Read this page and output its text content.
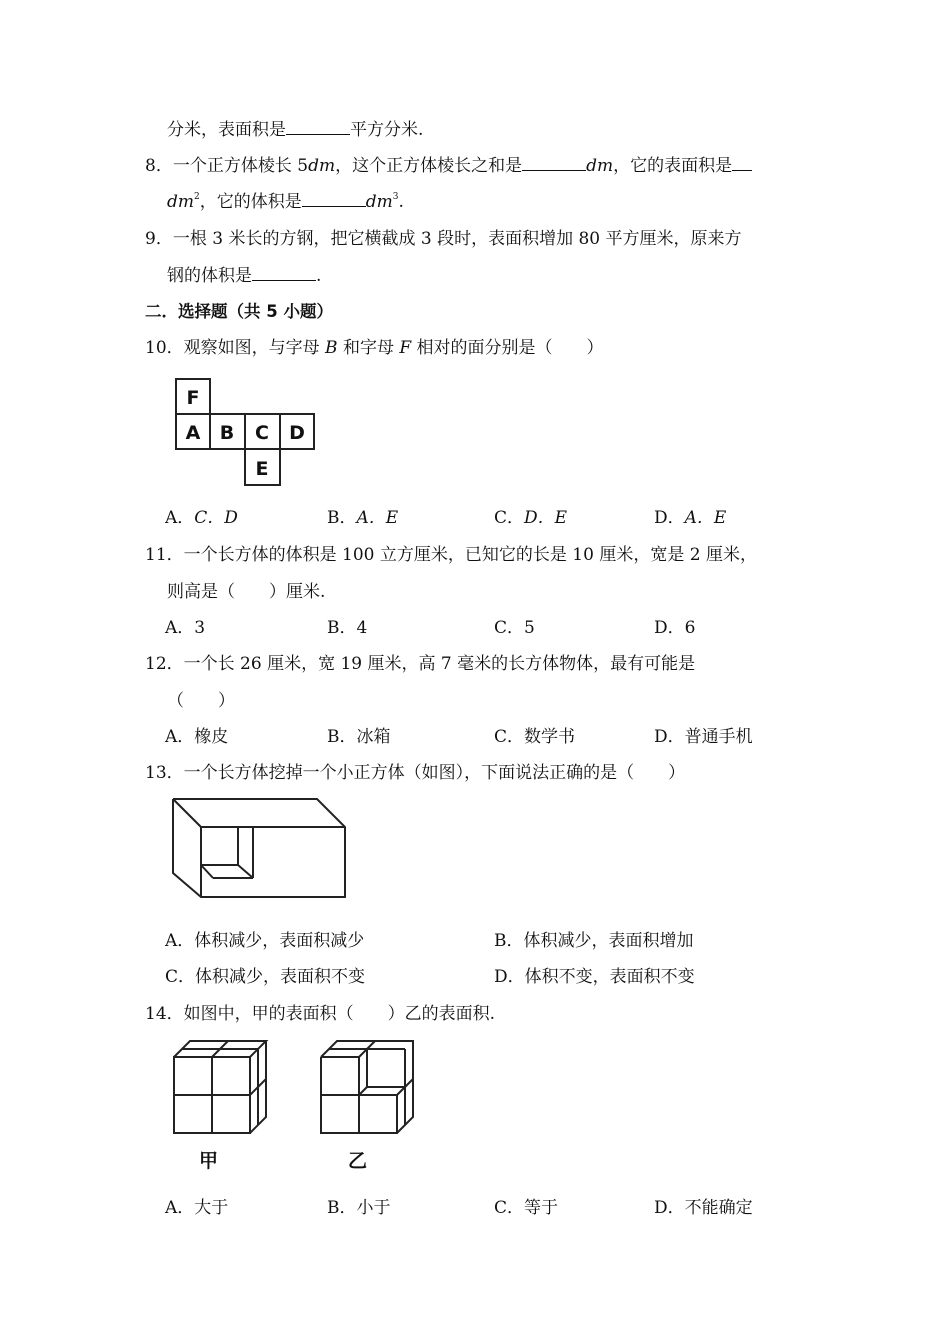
分米，表面积是	平方分米.
8．一个正方体棱长 5dm，这个正方体棱长之和是	dm，它的表面积是
$dm^2$，它的体积是	$dm^3$.
9．一根 3 米长的方钢，把它横截成 3 段时，表面积增加 80 平方厘米，原来方
钢的体积是	.
二．选择题（共 5 小题）
10．观察如图，与字母 B 和字母 F 相对的面分别是（　　）
F
A B C D
E
A．C．D	B．A．E	C．D．E	D．A．E
11．一个长方体的体积是 100 立方厘米，已知它的长是 10 厘米，宽是 2 厘米，
则高是（　　）厘米.
A．3	B．4	C．5	D．6
12．一个长 26 厘米，宽 19 厘米，高 7 毫米的长方体物体，最有可能是
（　　）
A．橡皮	B．冰箱	C．数学书	D．普通手机
13．一个长方体挖掉一个小正方体（如图），下面说法正确的是（　　）
A．体积减少，表面积减少	B．体积减少，表面积增加
C．体积减少，表面积不变	D．体积不变，表面积不变
14．如图中，甲的表面积（　　）乙的表面积.
甲	乙
A．大于	B．小于	C．等于	D．不能确定
